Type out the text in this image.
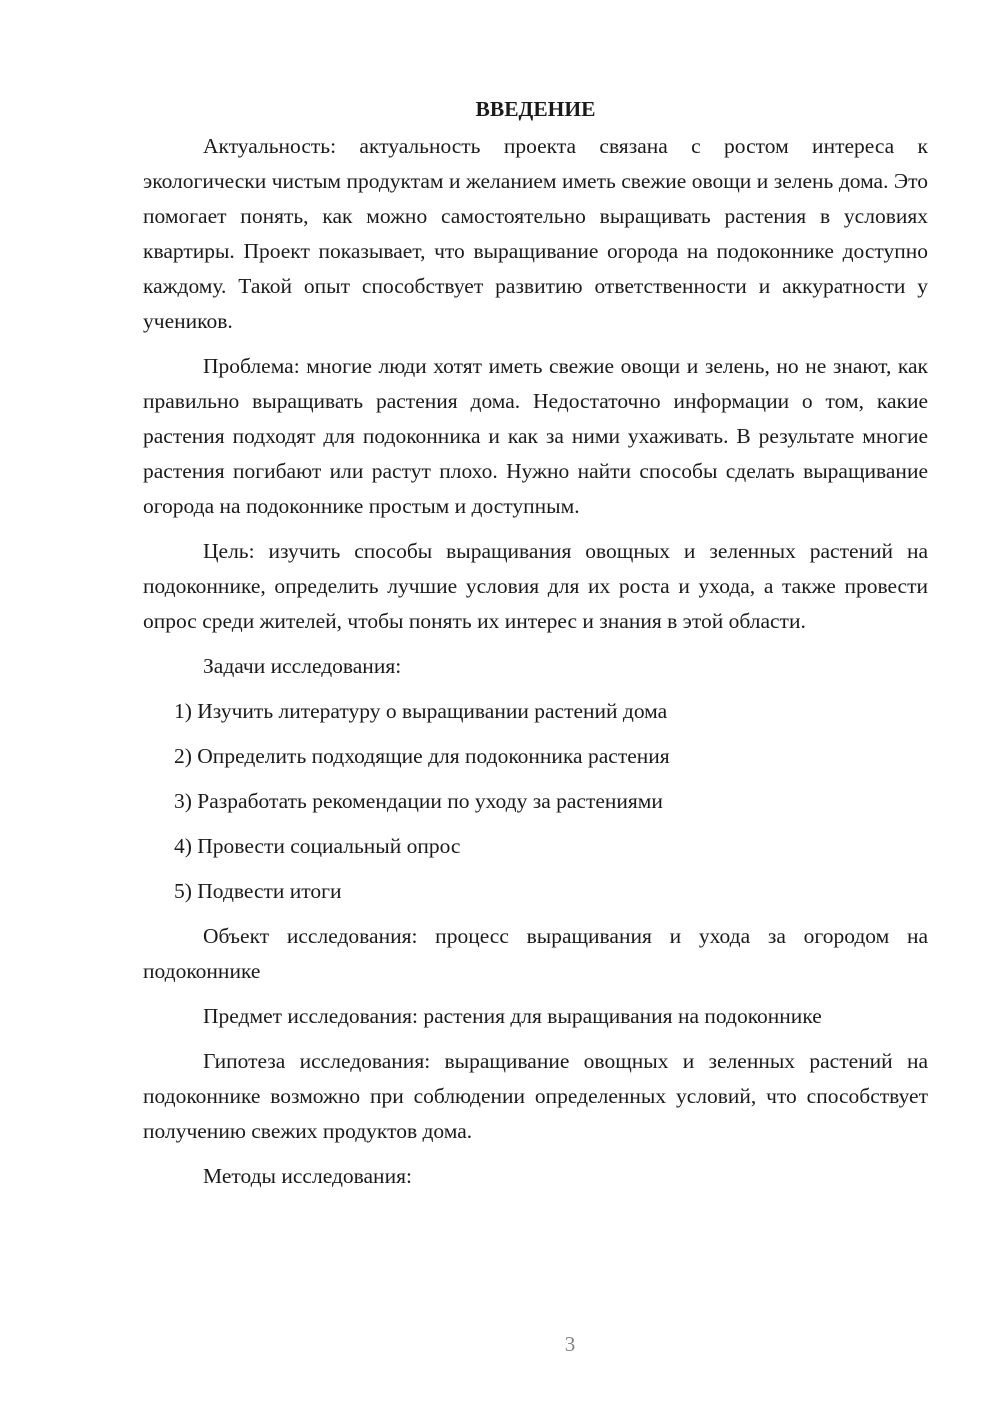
ВВЕДЕНИЕ

Актуальность: актуальность проекта связана с ростом интереса к экологически чистым продуктам и желанием иметь свежие овощи и зелень дома. Это помогает понять, как можно самостоятельно выращивать растения в условиях квартиры. Проект показывает, что выращивание огорода на подоконнике доступно каждому. Такой опыт способствует развитию ответственности и аккуратности у учеников.

Проблема: многие люди хотят иметь свежие овощи и зелень, но не знают, как правильно выращивать растения дома. Недостаточно информации о том, какие растения подходят для подоконника и как за ними ухаживать. В результате многие растения погибают или растут плохо. Нужно найти способы сделать выращивание огорода на подоконнике простым и доступным.

Цель: изучить способы выращивания овощных и зеленных растений на подоконнике, определить лучшие условия для их роста и ухода, а также провести опрос среди жителей, чтобы понять их интерес и знания в этой области.

Задачи исследования:

1) Изучить литературу о выращивании растений дома
2) Определить подходящие для подоконника растения
3) Разработать рекомендации по уходу за растениями
4) Провести социальный опрос
5) Подвести итоги

Объект исследования: процесс выращивания и ухода за огородом на подоконнике

Предмет исследования: растения для выращивания на подоконнике

Гипотеза исследования: выращивание овощных и зеленных растений на подоконнике возможно при соблюдении определенных условий, что способствует получению свежих продуктов дома.

Методы исследования:

3
